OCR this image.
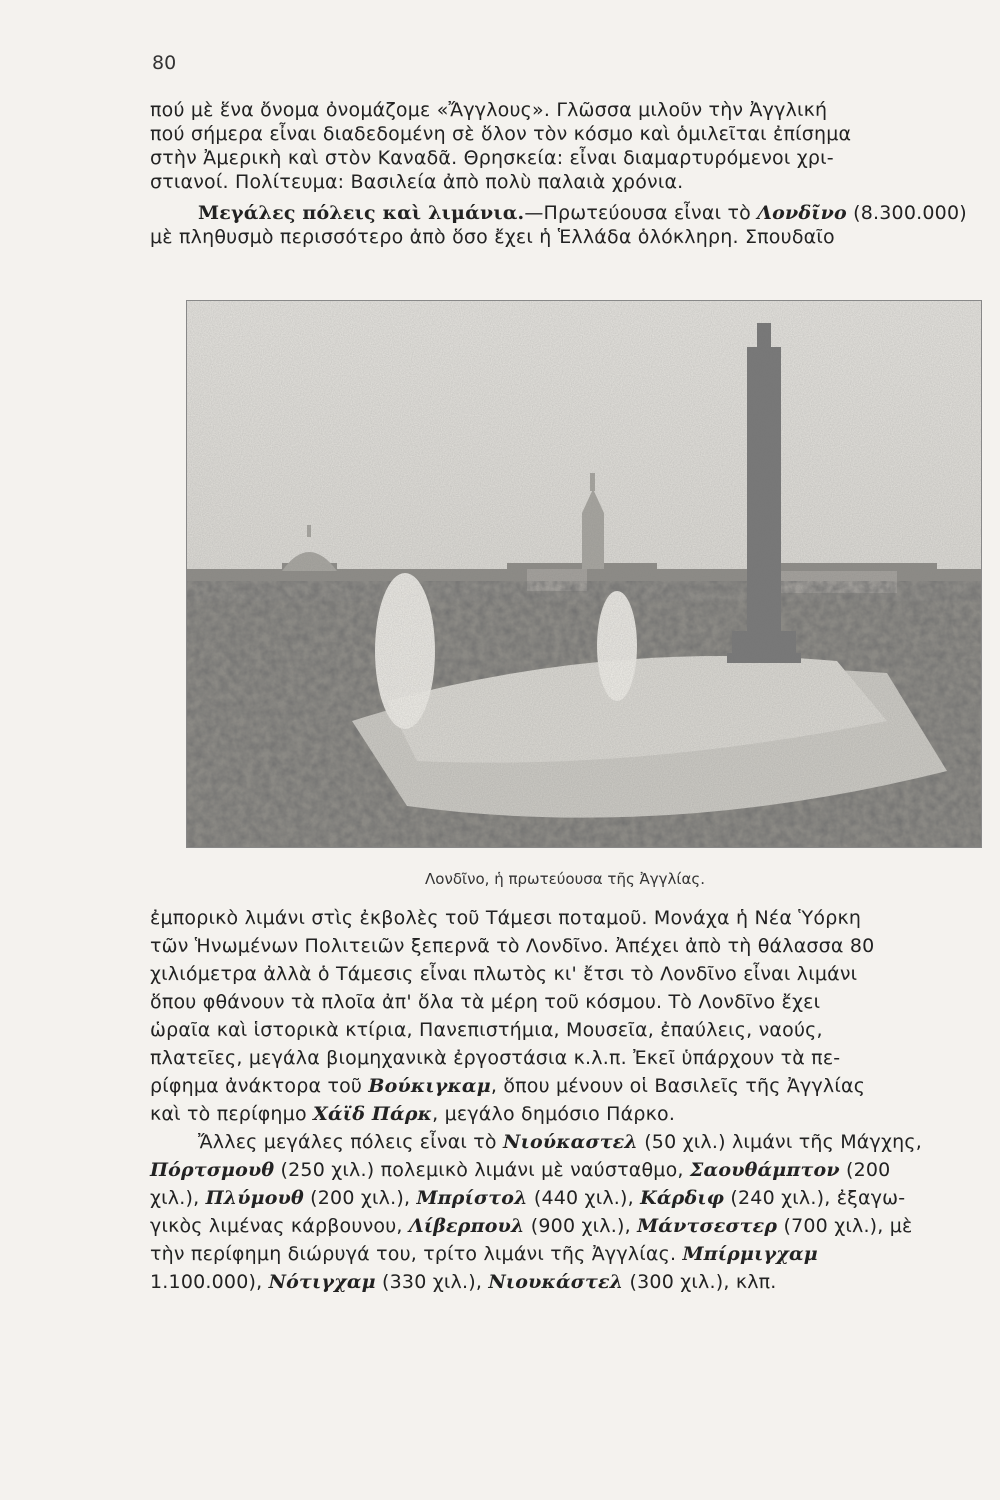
80

πού μὲ ἕνα ὄνομα ὀνομάζομε «Ἄγγλους». Γλῶσσα μιλοῦν τὴν Ἀγγλική
πού σήμερα εἶναι διαδεδομένη σὲ ὅλον τὸν κόσμο καὶ ὁμιλεῖται ἐπίσημα
στὴν Ἀμερικὴ καὶ στὸν Καναδᾶ. Θρησκεία: εἶναι διαμαρτυρόμενοι χρι-
στιανοί. Πολίτευμα: Βασιλεία ἀπὸ πολὺ παλαιὰ χρόνια.

Μεγάλες πόλεις καὶ λιμάνια.—Πρωτεύουσα εἶναι τὸ Λονδῖνο (8.300.000)
μὲ πληθυσμὸ περισσότερο ἀπὸ ὅσο ἔχει ἡ Ἑλλάδα ὁλόκληρη. Σπουδαῖο

Λονδῖνο, ἡ πρωτεύουσα τῆς Ἀγγλίας.

ἐμπορικὸ λιμάνι στὶς ἐκβολὲς τοῦ Τάμεσι ποταμοῦ. Μονάχα ἡ Νέα Ὑόρκη
τῶν Ἡνωμένων Πολιτειῶν ξεπερνᾶ τὸ Λονδῖνο. Ἀπέχει ἀπὸ τὴ θάλασσα 80
χιλιόμετρα ἀλλὰ ὁ Τάμεσις εἶναι πλωτὸς κι' ἔτσι τὸ Λονδῖνο εἶναι λιμάνι
ὅπου φθάνουν τὰ πλοῖα ἀπ' ὅλα τὰ μέρη τοῦ κόσμου. Τὸ Λονδῖνο ἔχει
ὡραῖα καὶ ἱστορικὰ κτίρια, Πανεπιστήμια, Μουσεῖα, ἐπαύλεις, ναούς,
πλατεῖες, μεγάλα βιομηχανικὰ ἐργοστάσια κ.λ.π. Ἐκεῖ ὑπάρχουν τὰ πε-
ρίφημα ἀνάκτορα τοῦ Βούκιγκαμ, ὅπου μένουν οἱ Βασιλεῖς τῆς Ἀγγλίας
καὶ τὸ περίφημο Χάϊδ Πάρκ, μεγάλο δημόσιο Πάρκο.

Ἄλλες μεγάλες πόλεις εἶναι τὸ Νιούκαστελ (50 χιλ.) λιμάνι τῆς Μάγχης,
Πόρτσμουθ (250 χιλ.) πολεμικὸ λιμάνι μὲ ναύσταθμο, Σαουθάμπτον (200
χιλ.), Πλύμουθ (200 χιλ.), Μπρίστολ (440 χιλ.), Κάρδιφ (240 χιλ.), ἐξαγω-
γικὸς λιμένας κάρβουνου, Λίβερπουλ (900 χιλ.), Μάντσεστερ (700 χιλ.), μὲ
τὴν περίφημη διώρυγά του, τρίτο λιμάνι τῆς Ἀγγλίας. Μπίρμιγχαμ
1.100.000), Νότιγχαμ (330 χιλ.), Νιουκάστελ (300 χιλ.), κλπ.
